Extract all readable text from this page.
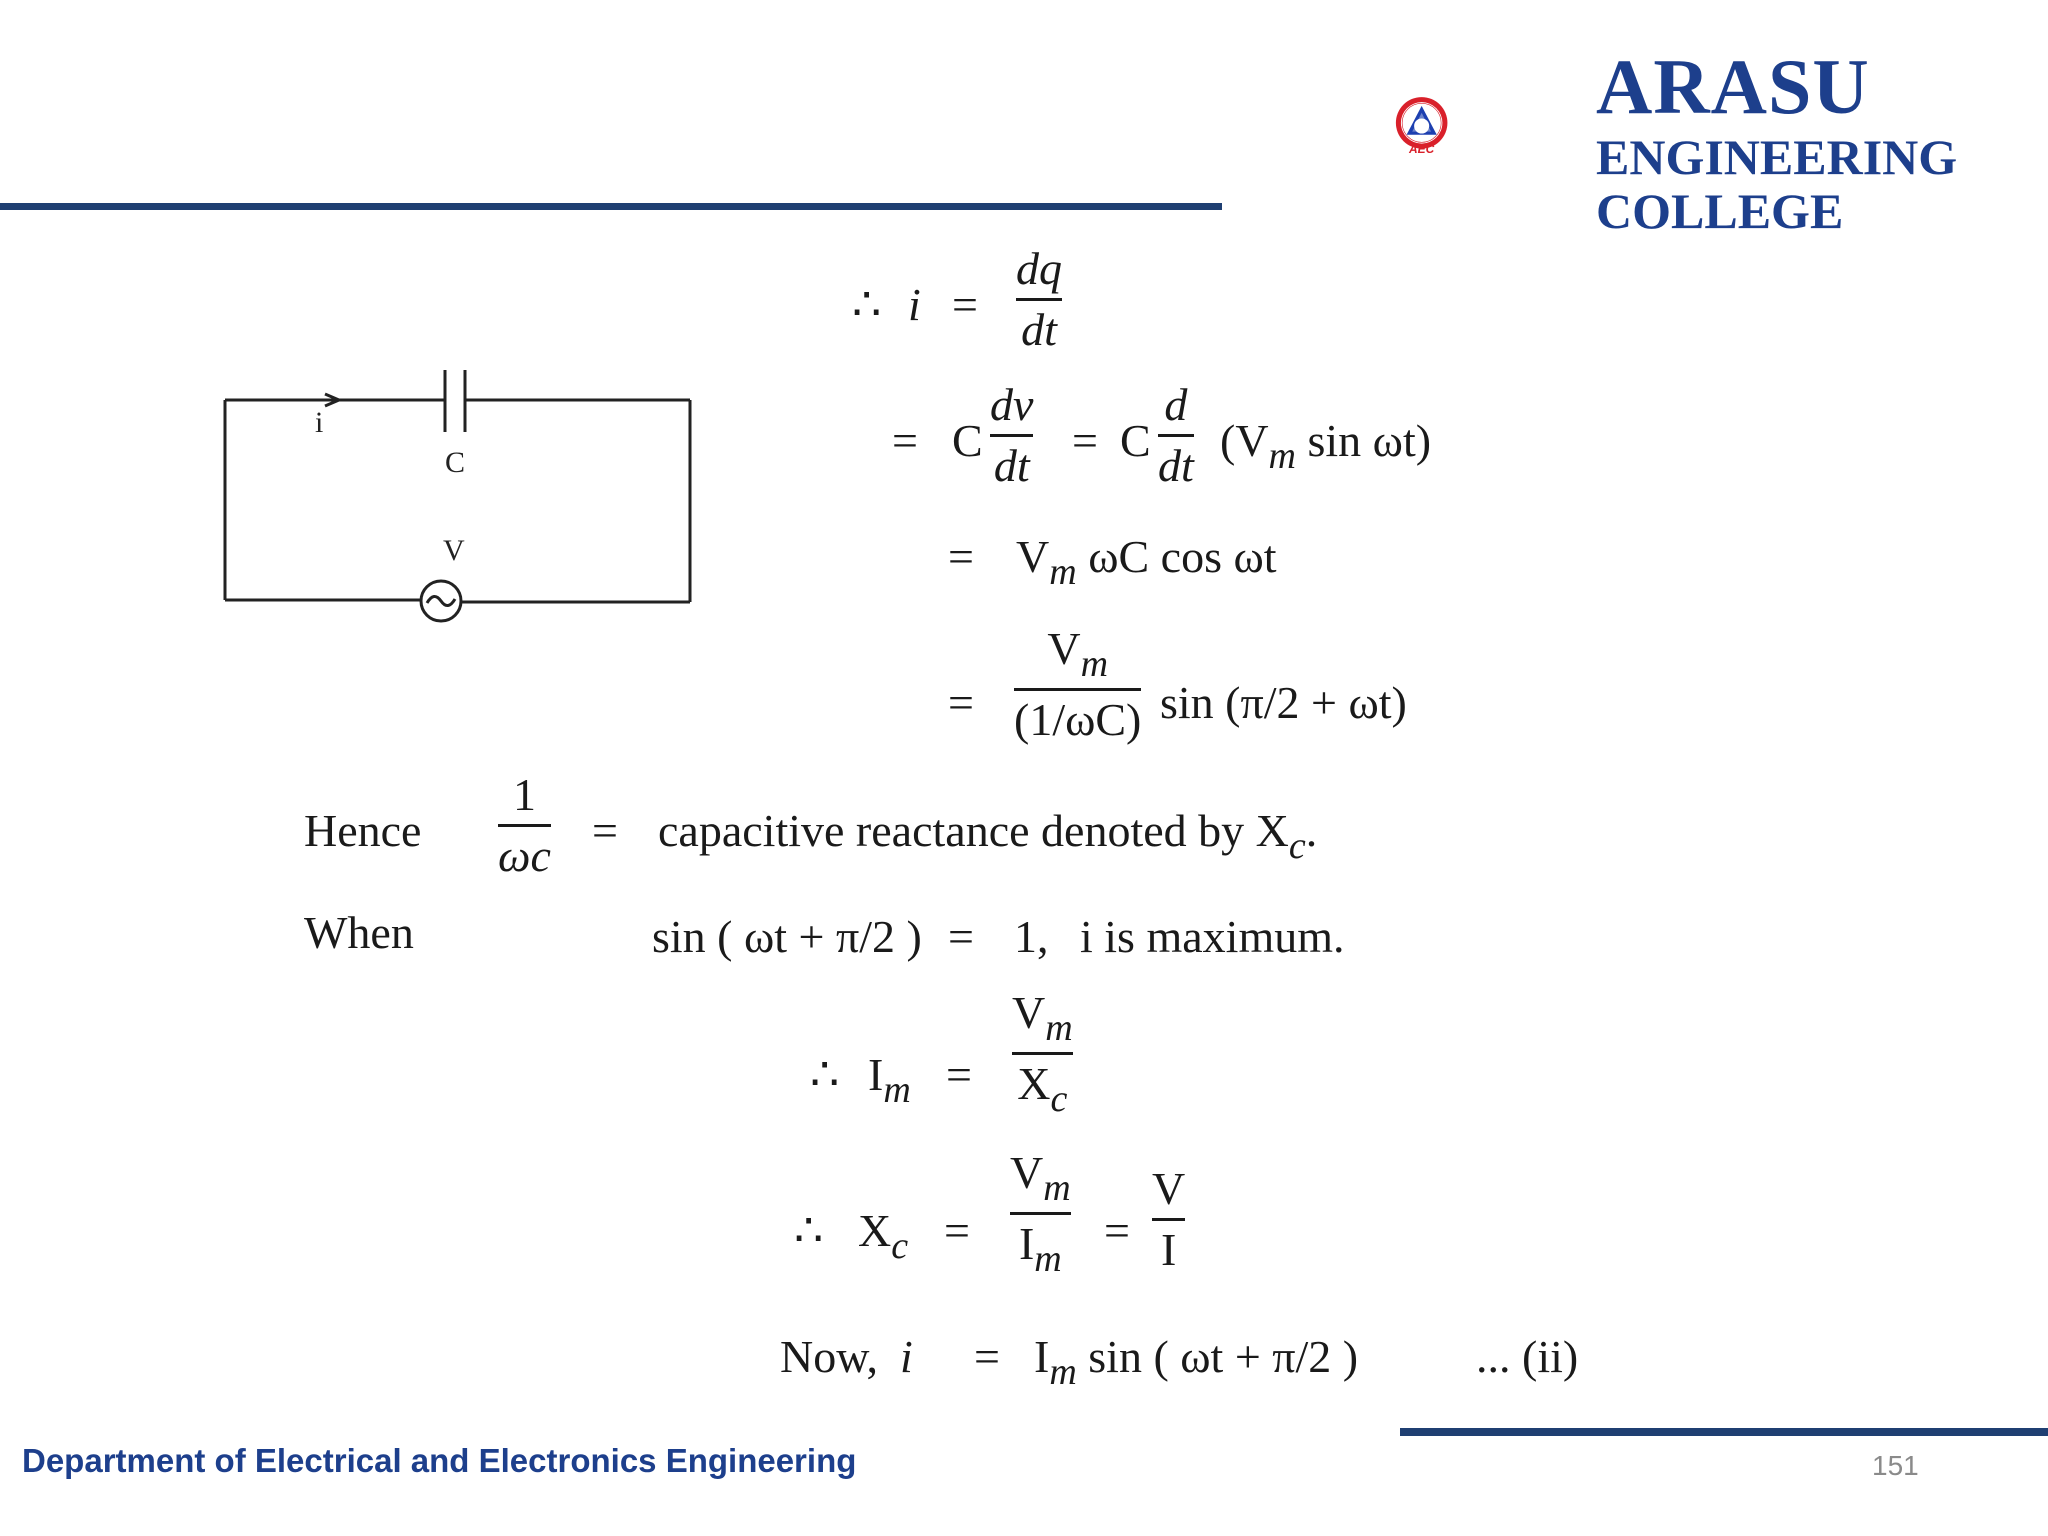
AEC
ARASU
ENGINEERING
COLLEGE
i
C
V
∴ i =
dq
dt
= C
dv
dt = C
d
dt ($V_m$ sin ωt)
= $V_m$ ωC cos ωt
=
$V_m$
(1/ωC) sin (π/2 + ωt)
Hence
1
ωc = capacitive reactance denoted by $X_c$.
When	sin ( ωt + π/2 ) = 1, i is maximum.
∴ $I_m$ =
$V_m$
$X_c$
∴ $X_c$ =
$V_m$
$I_m$
=
V
I
Now, $i = I_m$ sin ( ωt + π/2 )	... (ii)
Department of Electrical and Electronics Engineering	151
